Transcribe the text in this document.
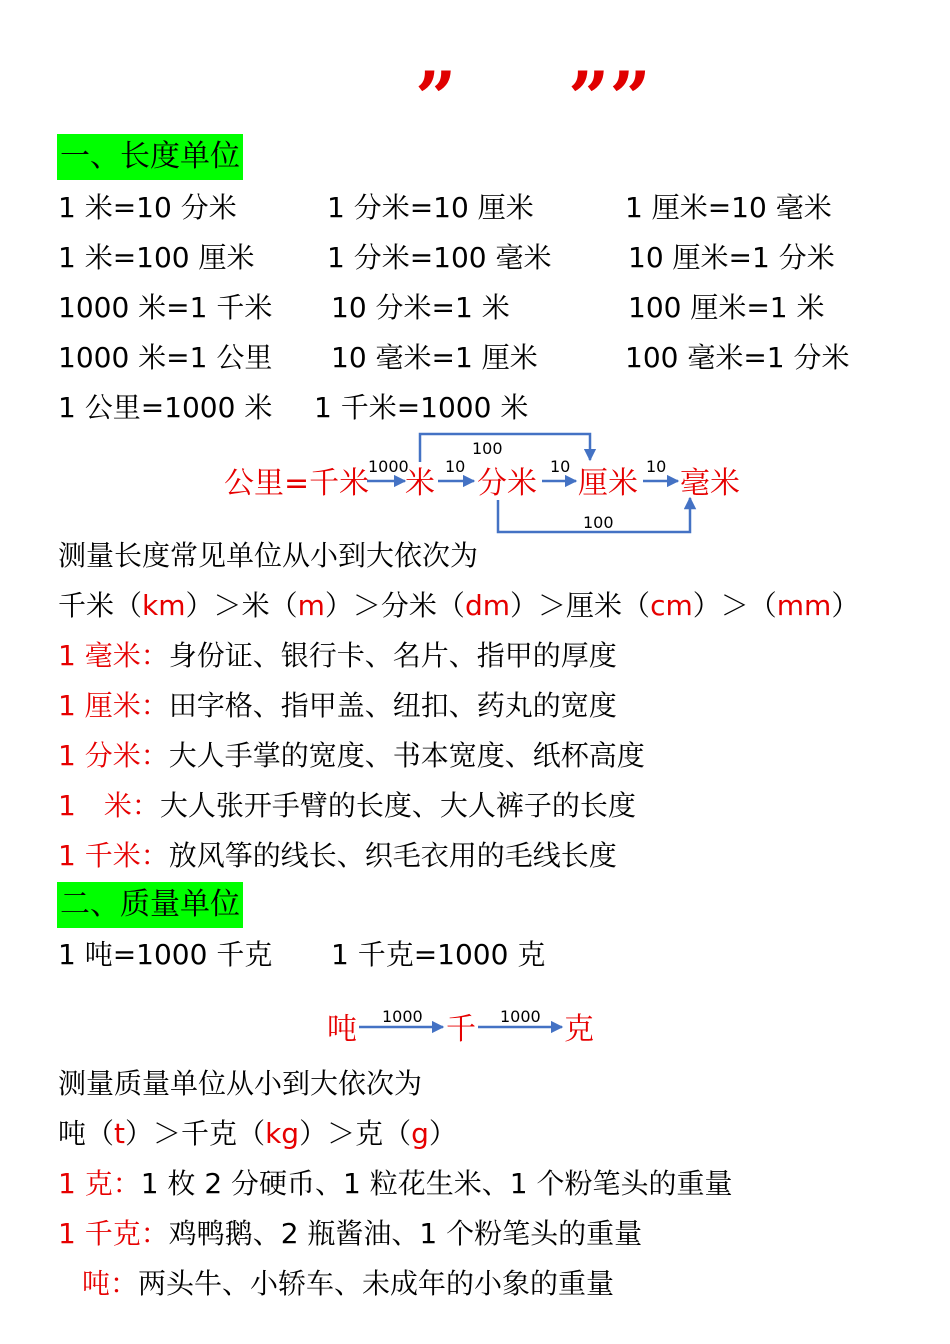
” ””
一、长度单位
1 米=10 分米	1 分米=10 厘米	1 厘米=10 毫米
1 米=100 厘米	1 分米=100 毫米	10 厘米=1 分米
1000 米=1 千米 10 分米=1 米	100 厘米=1 米
1000 米=1 公里 10 毫米=1 厘米	100 毫米=1 分米
1 公里=1000 米 1 千米=1000 米
公里=千米
1000
米 10 分米 10 厘米 10 毫米
100
100
测量长度常见单位从小到大依次为
千米（km）＞米（m）＞分米（dm）＞厘米（cm）＞（mm）
1 毫米：身份证、银行卡、名片、指甲的厚度
1 厘米：田字格、指甲盖、纽扣、药丸的宽度
1 分米：大人手掌的宽度、书本宽度、纸杯高度
1　米：大人张开手臂的长度、大人裤子的长度
1 千米：放风筝的线长、织毛衣用的毛线长度
二、质量单位
1 吨=1000 千克 1 千克=1000 克
吨 1000 千 1000 克
测量质量单位从小到大依次为
吨（t）＞千克（kg）＞克（g）
1 克：1 枚 2 分硬币、1 粒花生米、1 个粉笔头的重量
1 千克：鸡鸭鹅、2 瓶酱油、1 个粉笔头的重量
吨：两头牛、小轿车、未成年的小象的重量
